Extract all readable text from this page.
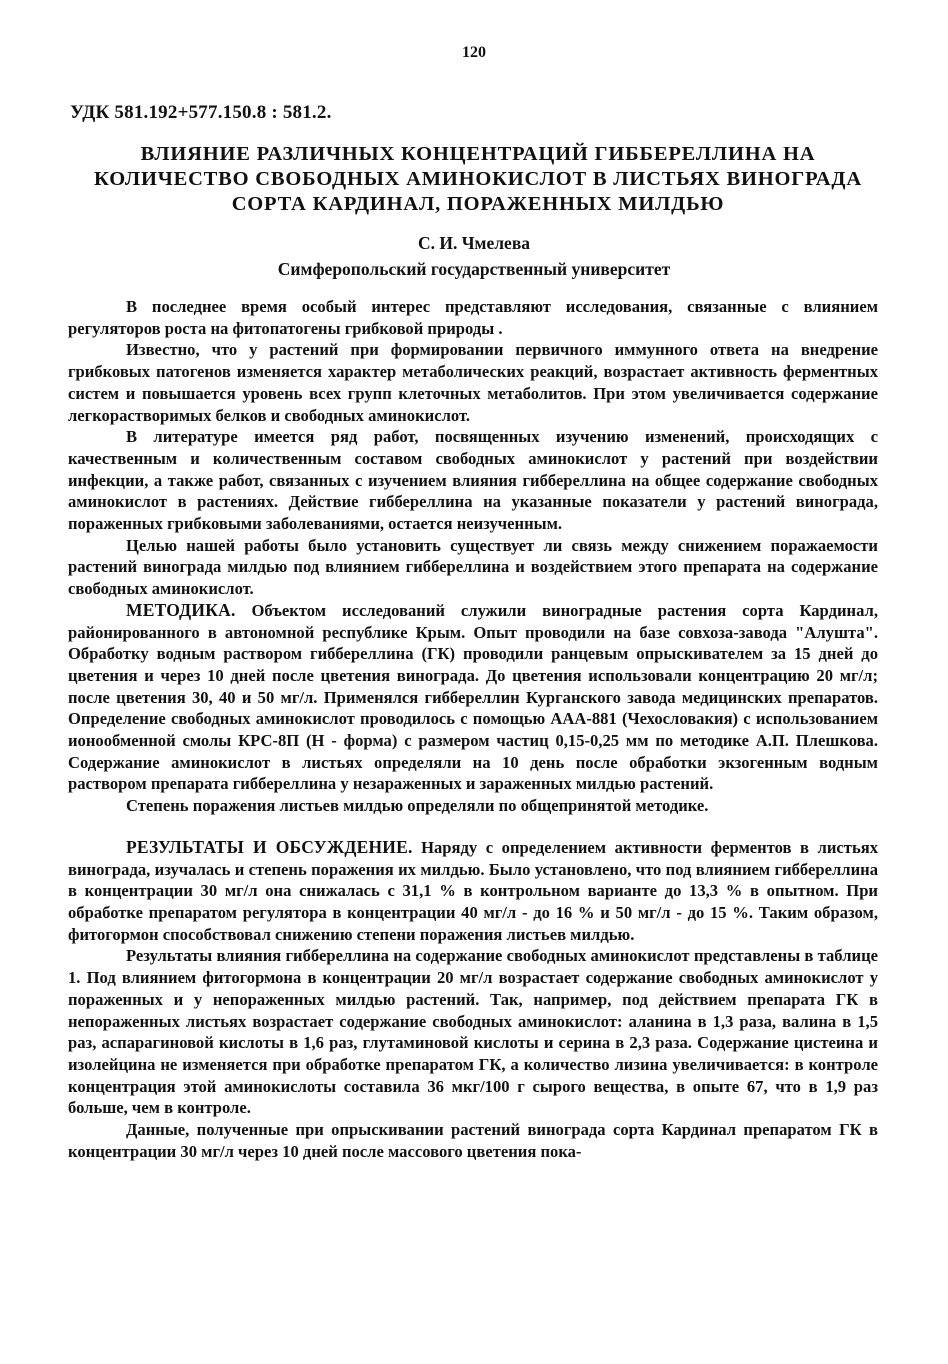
120
УДК 581.192+577.150.8 : 581.2.
ВЛИЯНИЕ РАЗЛИЧНЫХ КОНЦЕНТРАЦИЙ ГИББЕРЕЛЛИНА НА
КОЛИЧЕСТВО СВОБОДНЫХ АМИНОКИСЛОТ В ЛИСТЬЯХ ВИНОГРАДА
СОРТА КАРДИНАЛ, ПОРАЖЕННЫХ МИЛДЬЮ
С. И. Чмелева
Симферопольский государственный университет

В последнее время особый интерес представляют исследования, связанные с влиянием регуляторов роста на фитопатогены грибковой природы .

Известно, что у растений при формировании первичного иммунного ответа на внедрение грибковых патогенов изменяется характер метаболических реакций, возрастает активность ферментных систем и повышается уровень всех групп клеточных метаболитов. При этом увеличивается содержание легкорастворимых белков и свободных аминокислот.

В литературе имеется ряд работ, посвященных изучению изменений, происходящих с качественным и количественным составом свободных аминокислот у растений при воздействии инфекции, а также работ, связанных с изучением влияния гиббереллина на общее содержание свободных аминокислот в растениях. Действие гиббереллина на указанные показатели у растений винограда, пораженных грибковыми заболеваниями, остается неизученным.

Целью нашей работы было установить существует ли связь между снижением поражаемости растений винограда милдью под влиянием гиббереллина и воздействием этого препарата на содержание свободных аминокислот.

МЕТОДИКА. Объектом исследований служили виноградные растения сорта Кардинал, районированного в автономной республике Крым. Опыт проводили на базе совхоза-завода "Алушта". Обработку водным раствором гиббереллина (ГК) проводили ранцевым опрыскивателем за 15 дней до цветения и через 10 дней после цветения винограда. До цветения использовали концентрацию 20 мг/л; после цветения 30, 40 и 50 мг/л. Применялся гиббереллин Курганского завода медицинских препаратов. Определение свободных аминокислот проводилось с помощью ААА-881 (Чехословакия) с использованием ионообменной смолы КРС-8П (Н - форма) с размером частиц 0,15-0,25 мм по методике А.П. Плешкова. Содержание аминокислот в листьях определяли на 10 день после обработки экзогенным водным раствором препарата гиббереллина у незараженных и зараженных милдью растений.

Степень поражения листьев милдью определяли по общепринятой методике.

РЕЗУЛЬТАТЫ И ОБСУЖДЕНИЕ. Наряду с определением активности ферментов в листьях винограда, изучалась и степень поражения их милдью. Было установлено, что под влиянием гиббереллина в концентрации 30 мг/л она снижалась с 31,1 % в контрольном варианте до 13,3 % в опытном. При обработке препаратом регулятора в концентрации 40 мг/л - до 16 % и 50 мг/л - до 15 %. Таким образом, фитогормон способствовал снижению степени поражения листьев милдью.

Результаты влияния гиббереллина на содержание свободных аминокислот представлены в таблице 1. Под влиянием фитогормона в концентрации 20 мг/л возрастает содержание свободных аминокислот у пораженных и у непораженных милдью растений. Так, например, под действием препарата ГК в непораженных листьях возрастает содержание свободных аминокислот: аланина в 1,3 раза, валина в 1,5 раз, аспарагиновой кислоты в 1,6 раз, глутаминовой кислоты и серина в 2,3 раза. Содержание цистеина и изолейцина не изменяется при обработке препаратом ГК, а количество лизина увеличивается: в контроле концентрация этой аминокислоты составила 36 мкг/100 г сырого вещества, в опыте 67, что в 1,9 раз больше, чем в контроле.

Данные, полученные при опрыскивании растений винограда сорта Кардинал препаратом ГК в концентрации 30 мг/л через 10 дней после массового цветения пока-
